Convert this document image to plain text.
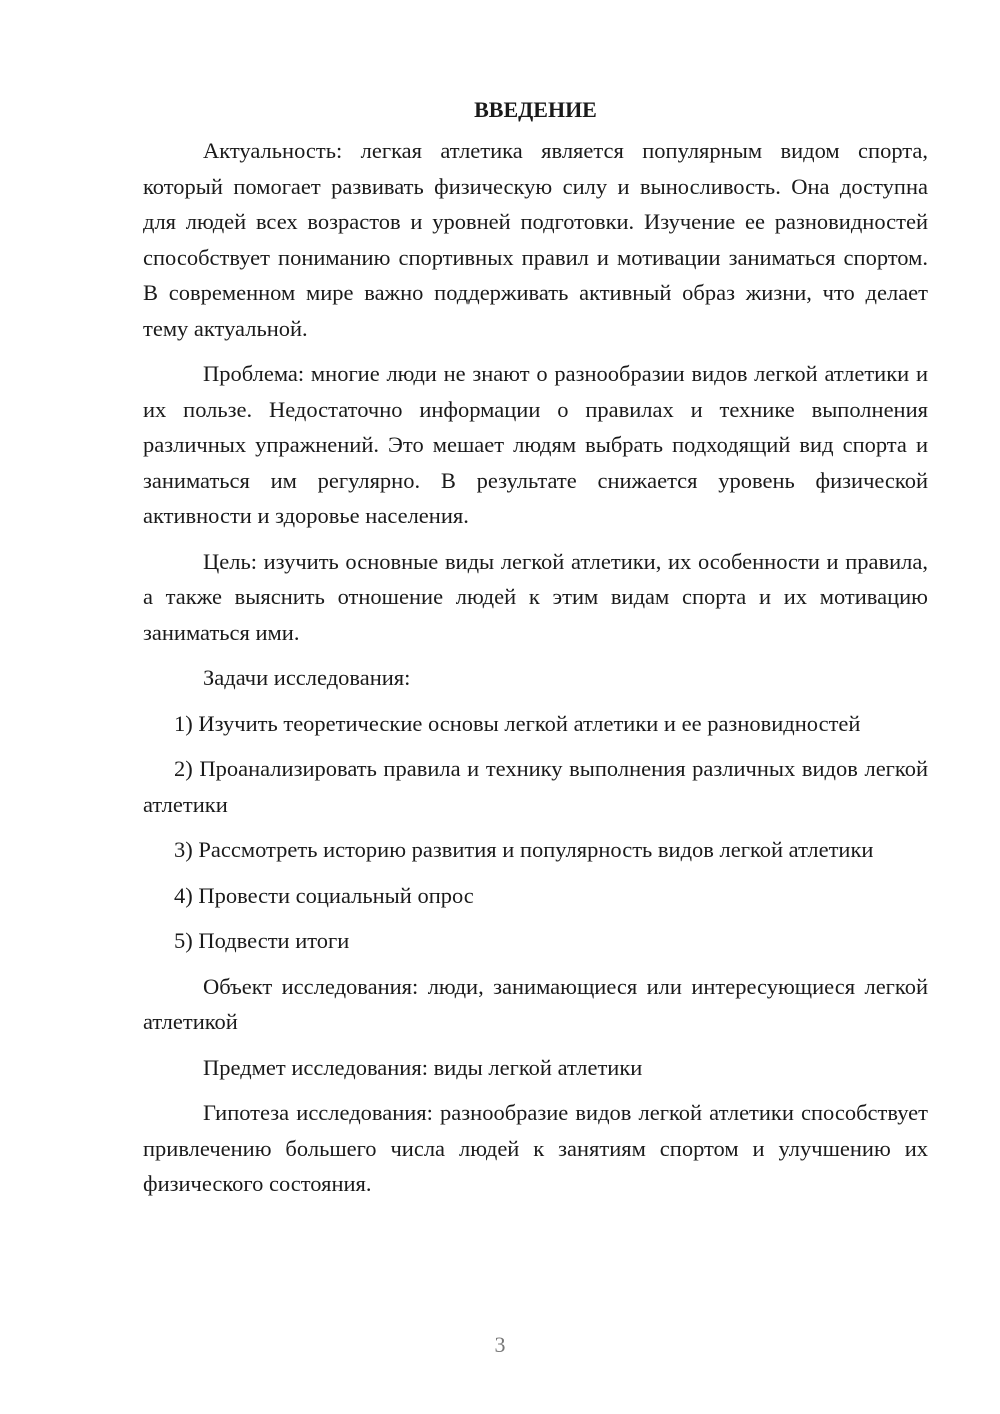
ВВЕДЕНИЕ

Актуальность: легкая атлетика является популярным видом спорта, который помогает развивать физическую силу и выносливость. Она доступна для людей всех возрастов и уровней подготовки. Изучение ее разновидностей способствует пониманию спортивных правил и мотивации заниматься спортом. В современном мире важно поддерживать активный образ жизни, что делает тему актуальной.

Проблема: многие люди не знают о разнообразии видов легкой атлетики и их пользе. Недостаточно информации о правилах и технике выполнения различных упражнений. Это мешает людям выбрать подходящий вид спорта и заниматься им регулярно. В результате снижается уровень физической активности и здоровье населения.

Цель: изучить основные виды легкой атлетики, их особенности и правила, а также выяснить отношение людей к этим видам спорта и их мотивацию заниматься ими.

Задачи исследования:

1) Изучить теоретические основы легкой атлетики и ее разновидностей

2) Проанализировать правила и технику выполнения различных видов легкой атлетики

3) Рассмотреть историю развития и популярность видов легкой атлетики

4) Провести социальный опрос

5) Подвести итоги

Объект исследования: люди, занимающиеся или интересующиеся легкой атлетикой

Предмет исследования: виды легкой атлетики

Гипотеза исследования: разнообразие видов легкой атлетики способствует привлечению большего числа людей к занятиям спортом и улучшению их физического состояния.

3
